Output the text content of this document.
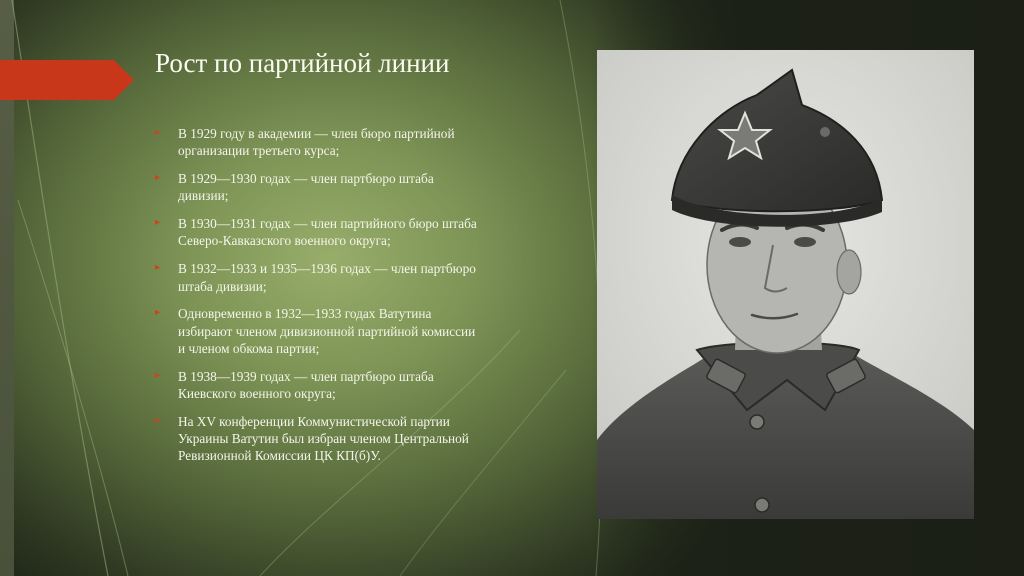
Рост по партийной линии
▸ В 1929 году в академии — член бюро партийной организации третьего курса;
▸ В 1929—1930 годах — член партбюро штаба дивизии;
▸ В 1930—1931 годах — член партийного бюро штаба Северо-Кавказского военного округа;
▸ В 1932—1933 и 1935—1936 годах — член партбюро штаба дивизии;
▸ Одновременно в 1932—1933 годах Ватутина избирают членом дивизионной партийной комиссии и членом обкома партии;
▸ В 1938—1939 годах — член партбюро штаба Киевского военного округа;
▸ На XV конференции Коммунистической партии Украины Ватутин был избран членом Центральной Ревизионной Комиссии ЦК КП(б)У.
